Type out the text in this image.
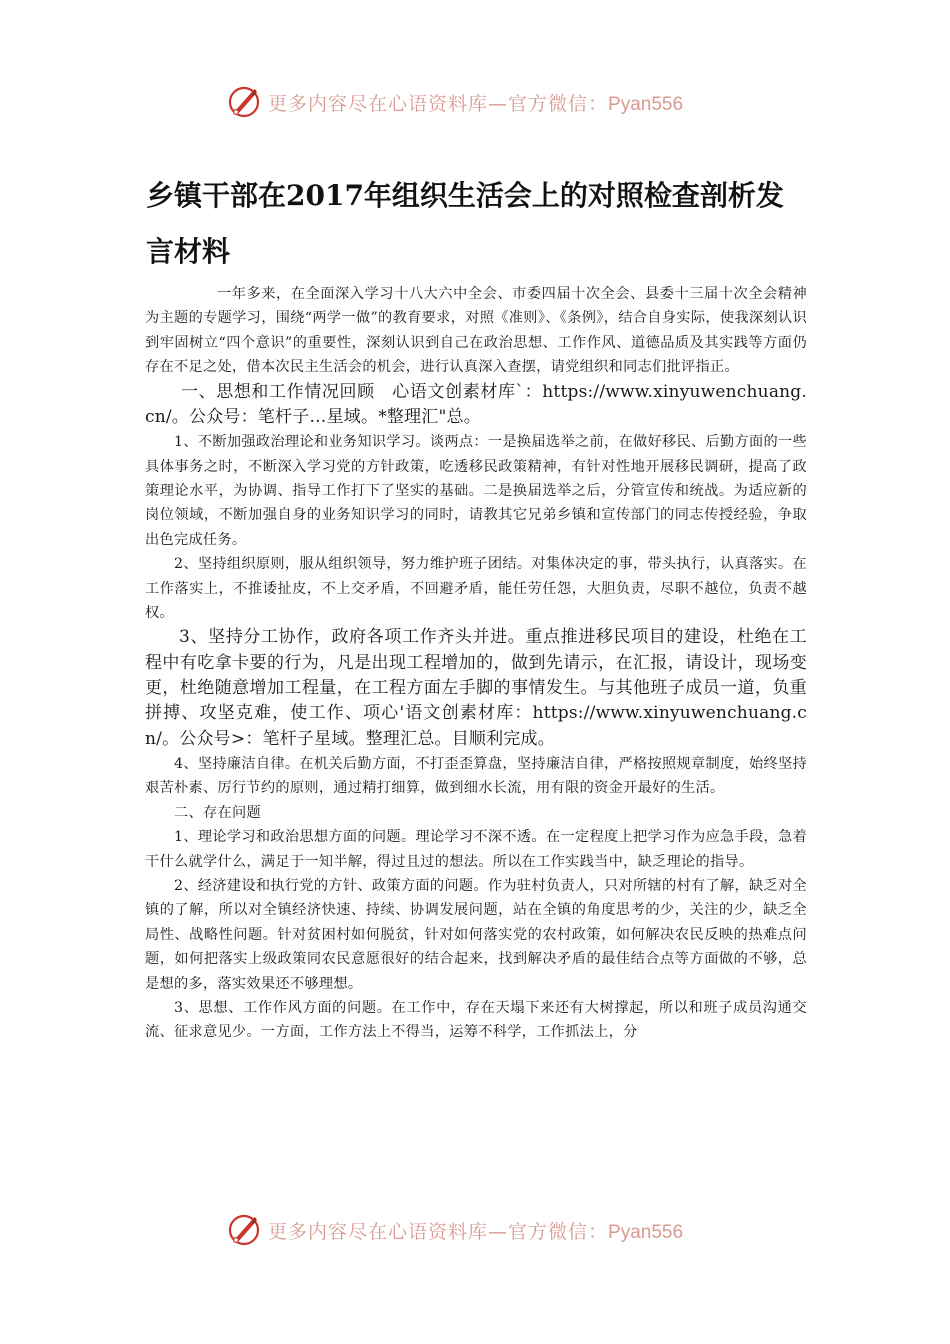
更多内容尽在心语资料库—官方微信：Pyan556
乡镇干部在2017年组织生活会上的对照检查剖析发言材料

一年多来，在全面深入学习十八大六中全会、市委四届十次全会、县委十三届十次全会精神为主题的专题学习，围绕“两学一做”的教育要求，对照《准则》、《条例》，结合自身实际，使我深刻认识到牢固树立“四个意识”的重要性，深刻认识到自己在政治思想、工作作风、道德品质及其实践等方面仍存在不足之处，借本次民主生活会的机会，进行认真深入查摆，请党组织和同志们批评指正。

一、思想和工作情况回顾　心语文创素材库`：https://www.xinyuwenchuang.cn/。公众号：笔杆子…星域。*整理汇"总。

1、不断加强政治理论和业务知识学习。谈两点：一是换届选举之前，在做好移民、后勤方面的一些具体事务之时，不断深入学习党的方针政策，吃透移民政策精神，有针对性地开展移民调研，提高了政策理论水平，为协调、指导工作打下了坚实的基础。二是换届选举之后，分管宣传和统战。为适应新的岗位领域，不断加强自身的业务知识学习的同时，请教其它兄弟乡镇和宣传部门的同志传授经验，争取出色完成任务。

2、坚持组织原则，服从组织领导，努力维护班子团结。对集体决定的事，带头执行，认真落实。在工作落实上，不推诿扯皮，不上交矛盾，不回避矛盾，能任劳任怨，大胆负责，尽职不越位，负责不越权。

3、坚持分工协作，政府各项工作齐头并进。重点推进移民项目的建设，杜绝在工程中有吃拿卡要的行为，凡是出现工程增加的，做到先请示，在汇报，请设计，现场变更，杜绝随意增加工程量，在工程方面左手脚的事情发生。与其他班子成员一道，负重拼搏、攻坚克难，使工作、项心'语文创素材库：https://www.xinyuwenchuang.cn/。公众号>：笔杆子星域。整理汇总。目顺利完成。

4、坚持廉洁自律。在机关后勤方面，不打歪歪算盘，坚持廉洁自律，严格按照规章制度，始终坚持艰苦朴素、厉行节约的原则，通过精打细算，做到细水长流，用有限的资金开最好的生活。

二、存在问题

1、理论学习和政治思想方面的问题。理论学习不深不透。在一定程度上把学习作为应急手段，急着干什么就学什么，满足于一知半解，得过且过的想法。所以在工作实践当中，缺乏理论的指导。

2、经济建设和执行党的方针、政策方面的问题。作为驻村负责人，只对所辖的村有了解，缺乏对全镇的了解，所以对全镇经济快速、持续、协调发展问题，站在全镇的角度思考的少，关注的少，缺乏全局性、战略性问题。针对贫困村如何脱贫，针对如何落实党的农村政策，如何解决农民反映的热难点问题，如何把落实上级政策同农民意愿很好的结合起来，找到解决矛盾的最佳结合点等方面做的不够，总是想的多，落实效果还不够理想。

3、思想、工作作风方面的问题。在工作中，存在天塌下来还有大树撑起，所以和班子成员沟通交流、征求意见少。一方面，工作方法上不得当，运筹不科学，工作抓法上，分

更多内容尽在心语资料库—官方微信：Pyan556
